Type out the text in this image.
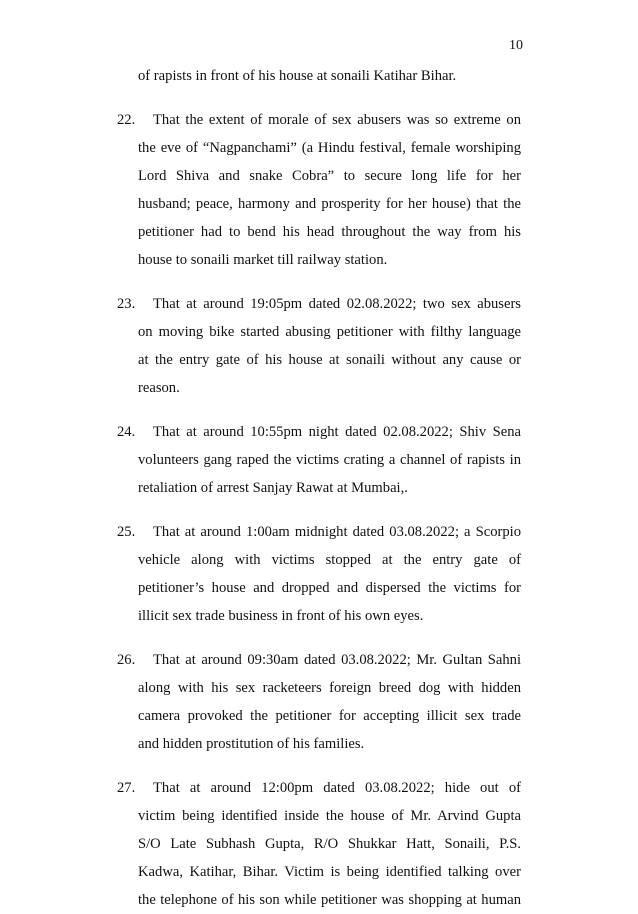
10

of rapists in front of his house at sonaili Katihar Bihar.

22. That the extent of morale of sex abusers was so extreme on
the eve of “Nagpanchami” (a Hindu festival, female worshiping
Lord Shiva and snake Cobra” to secure long life for her
husband; peace, harmony and prosperity for her house) that the
petitioner had to bend his head throughout the way from his
house to sonaili market till railway station.
23. That at around 19:05pm dated 02.08.2022; two sex abusers
on moving bike started abusing petitioner with filthy language
at the entry gate of his house at sonaili without any cause or
reason.
24. That at around 10:55pm night dated 02.08.2022; Shiv Sena
volunteers gang raped the victims crating a channel of rapists in
retaliation of arrest Sanjay Rawat at Mumbai,.
25. That at around 1:00am midnight dated 03.08.2022; a Scorpio
vehicle along with victims stopped at the entry gate of
petitioner’s house and dropped and dispersed the victims for
illicit sex trade business in front of his own eyes.
26. That at around 09:30am dated 03.08.2022; Mr. Gultan Sahni
along with his sex racketeers foreign breed dog with hidden
camera provoked the petitioner for accepting illicit sex trade
and hidden prostitution of his families.
27. That at around 12:00pm dated 03.08.2022; hide out of
victim being identified inside the house of Mr. Arvind Gupta
S/O Late Subhash Gupta, R/O Shukkar Hatt, Sonaili, P.S.
Kadwa, Katihar, Bihar. Victim is being identified talking over
the telephone of his son while petitioner was shopping at human
